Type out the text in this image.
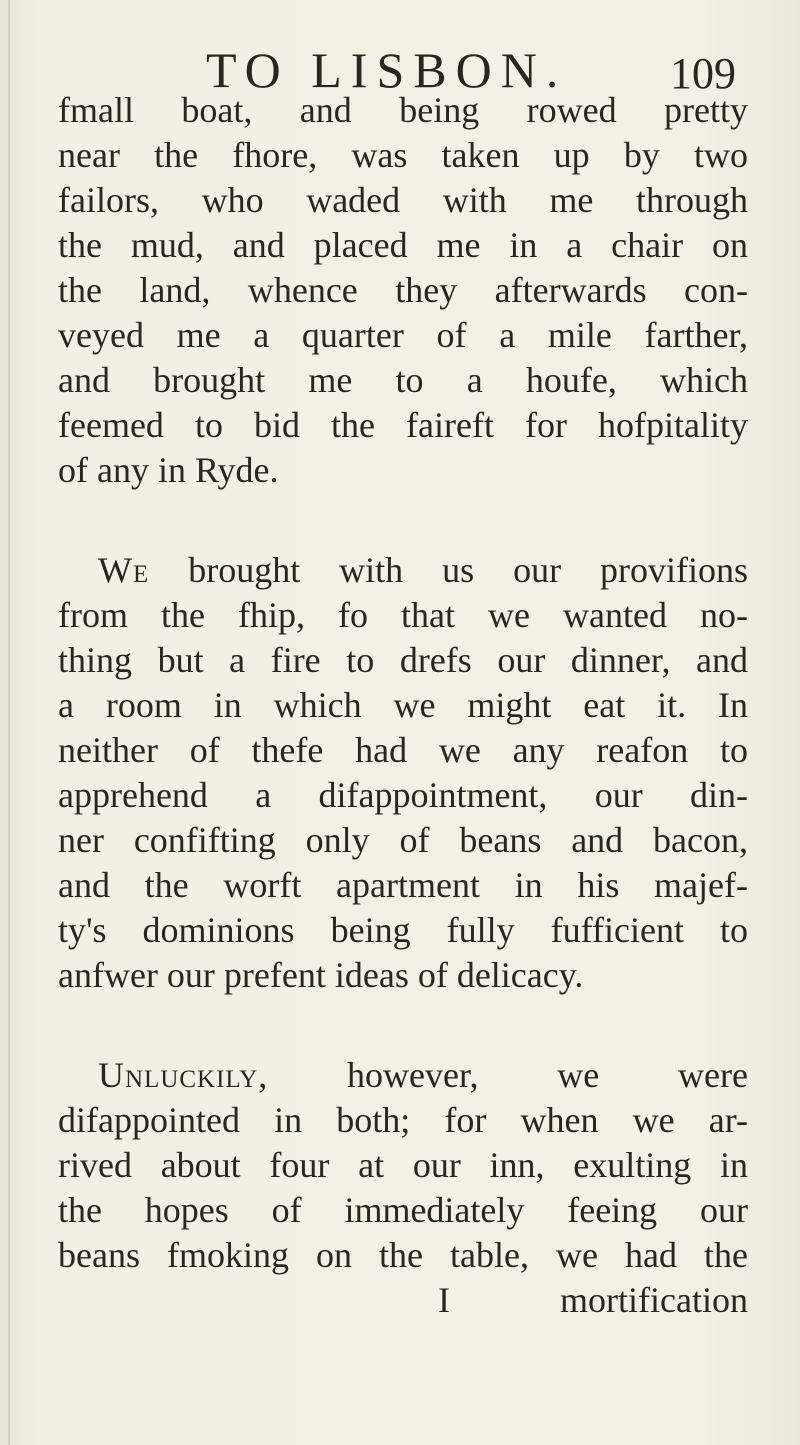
TO LISBON. 109
fmall boat, and being rowed pretty
near the fhore, was taken up by two
failors, who waded with me through
the mud, and placed me in a chair on
the land, whence they afterwards con-
veyed me a quarter of a mile farther,
and brought me to a houfe, which
feemed to bid the faireft for hofpitality
of any in Ryde.
We brought with us our provifions
from the fhip, fo that we wanted no-
thing but a fire to drefs our dinner, and
a room in which we might eat it. In
neither of thefe had we any reafon to
apprehend a difappointment, our din-
ner confifting only of beans and bacon,
and the worft apartment in his majef-
ty's dominions being fully fufficient to
anfwer our prefent ideas of delicacy.
Unluckily, however, we were
difappointed in both; for when we ar-
rived about four at our inn, exulting in
the hopes of immediately feeing our
beans fmoking on the table, we had the
I	mortification
